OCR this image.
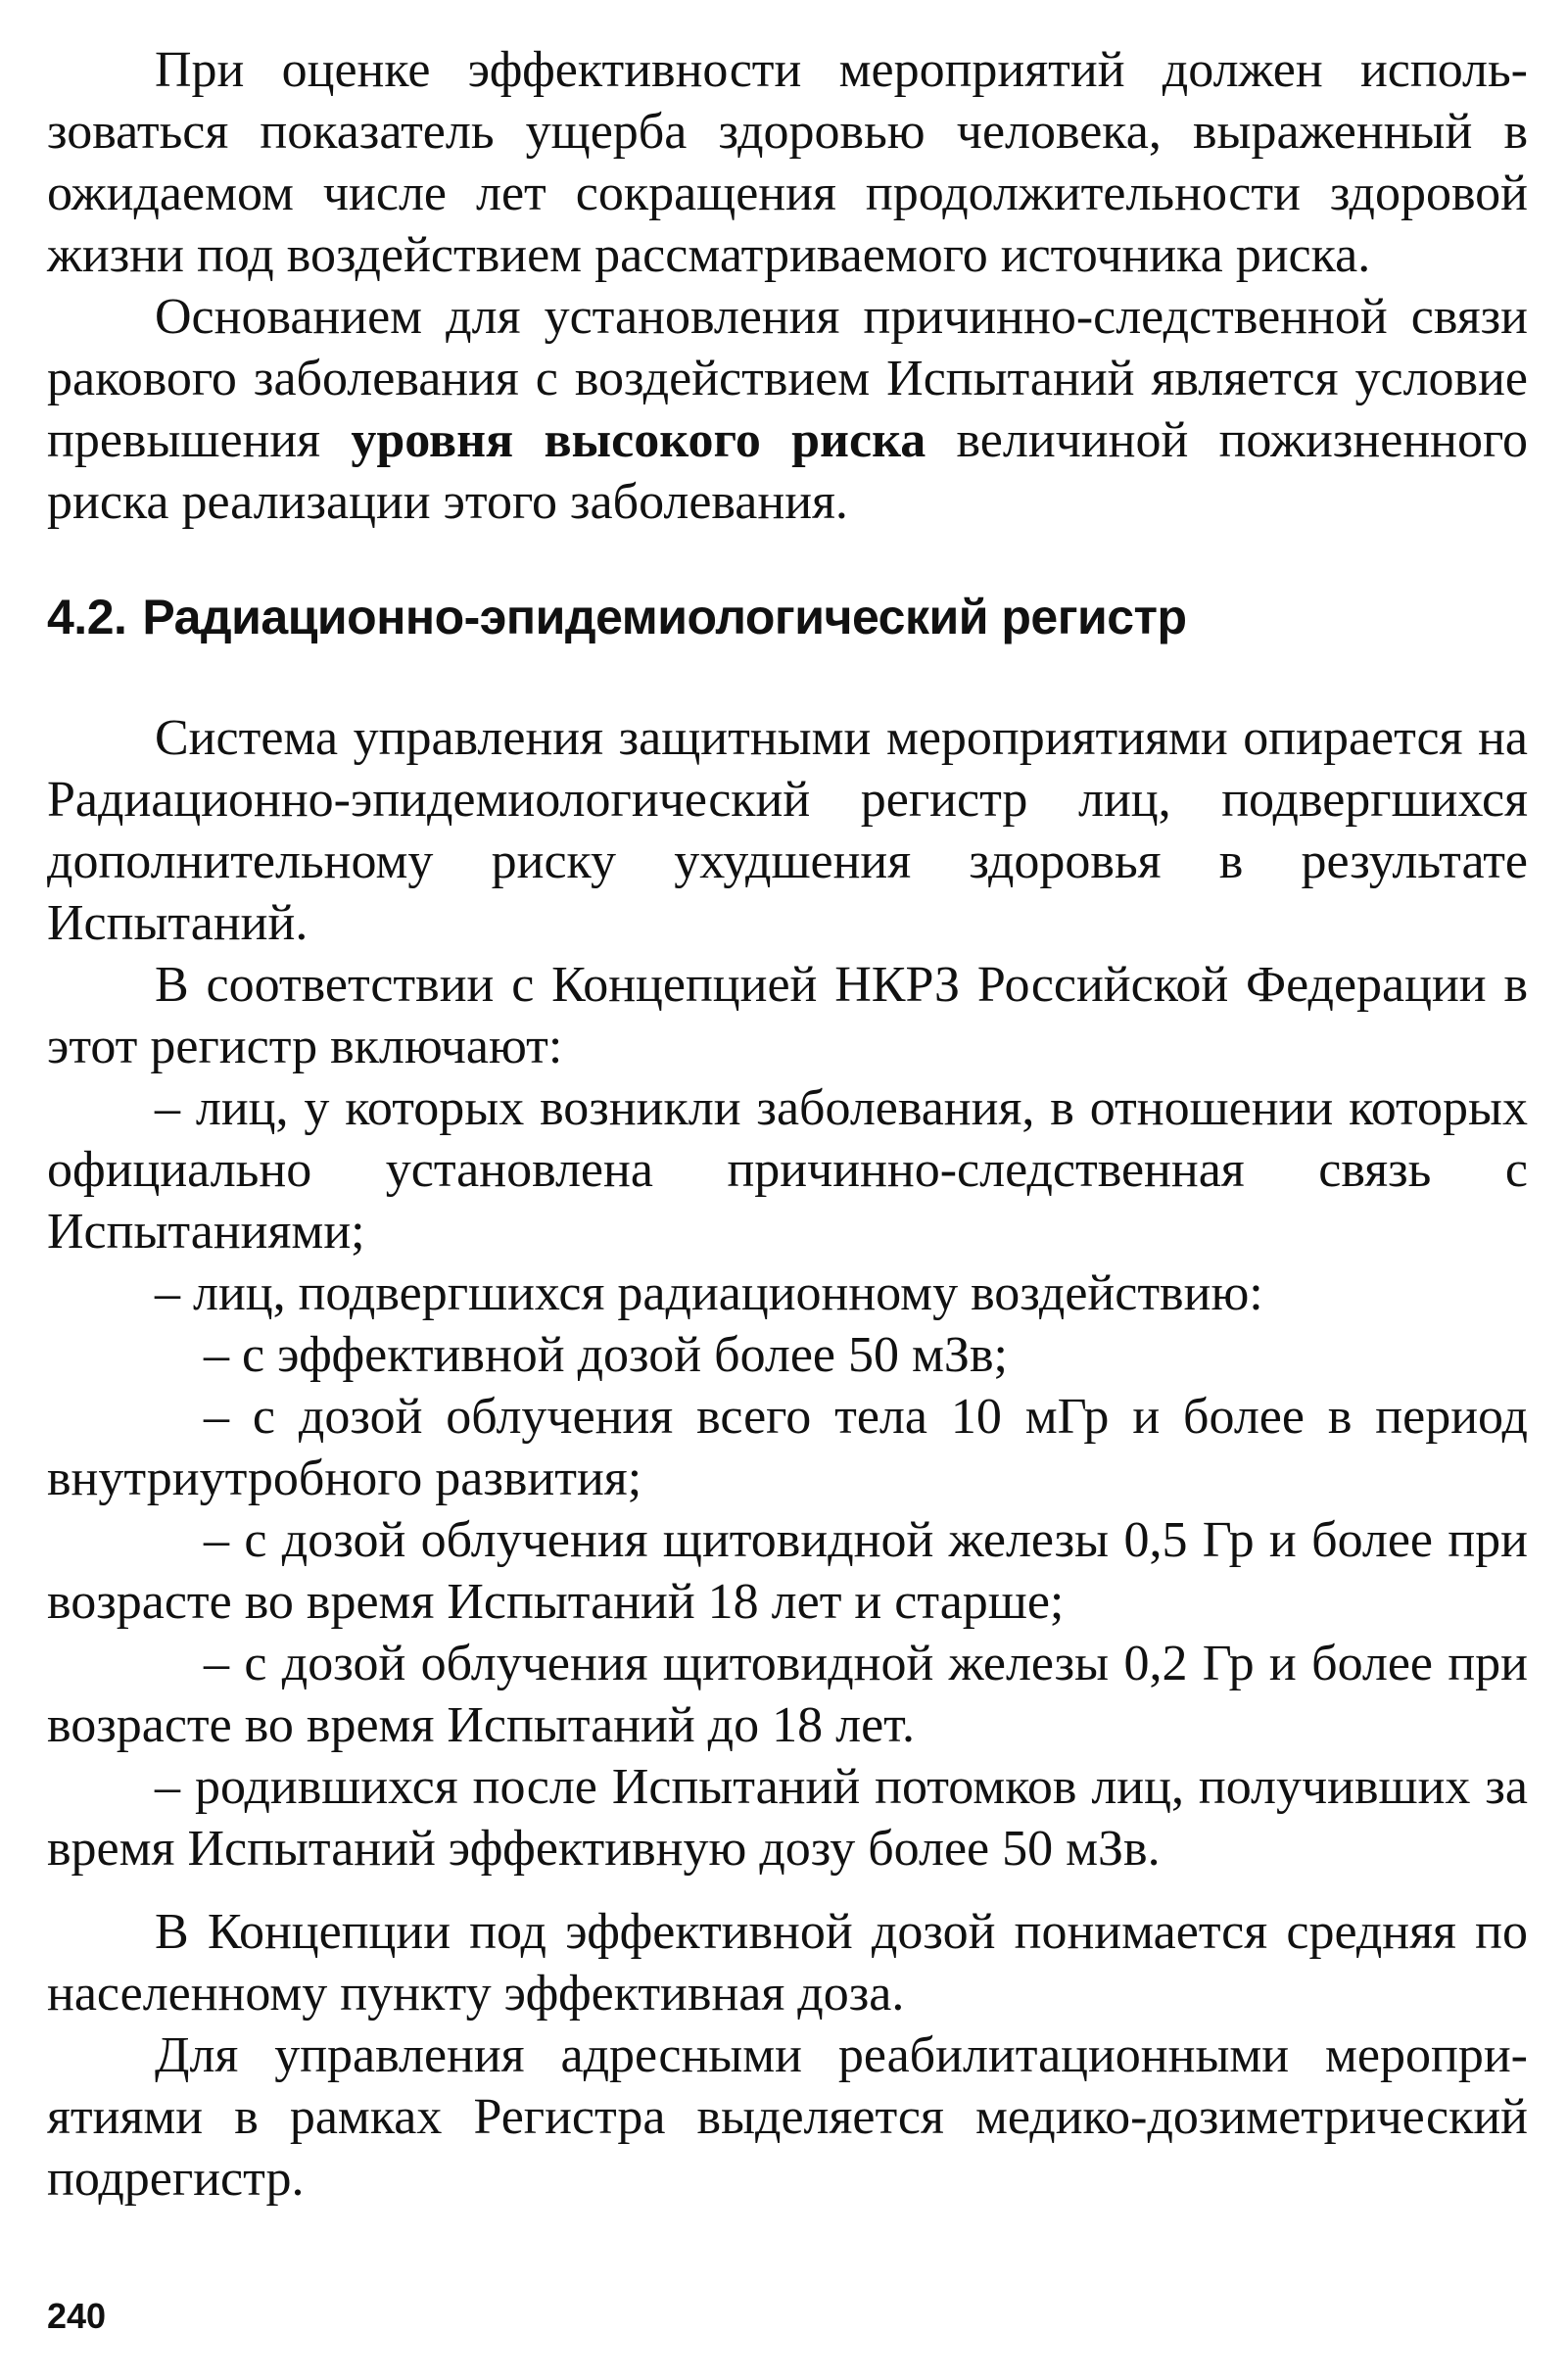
При оценке эффективности мероприятий должен использоваться показатель ущерба здоровью человека, выраженный в ожидаемом числе лет сокращения продолжительности здоровой жизни под воздействием рассматриваемого источника риска.

Основанием для установления причинно-следственной связи ракового заболевания с воздействием Испытаний является условие превышения уровня высокого риска величиной пожизненного риска реализации этого заболевания.

4.2. Радиационно-эпидемиологический регистр

Система управления защитными мероприятиями опирается на Радиационно-эпидемиологический регистр лиц, подвергшихся дополнительному риску ухудшения здоровья в результате Испытаний.

В соответствии с Концепцией НКРЗ Российской Федерации в этот регистр включают:

– лиц, у которых возникли заболевания, в отношении которых официально установлена причинно-следственная связь с Испытаниями;

– лиц, подвергшихся радиационному воздействию:

– с эффективной дозой более 50 мЗв;

– с дозой облучения всего тела 10 мГр и более в период внутриутробного развития;

– с дозой облучения щитовидной железы 0,5 Гр и более при возрасте во время Испытаний 18 лет и старше;

– с дозой облучения щитовидной железы 0,2 Гр и более при возрасте во время Испытаний до 18 лет.

– родившихся после Испытаний потомков лиц, получивших за время Испытаний эффективную дозу более 50 мЗв.

В Концепции под эффективной дозой понимается средняя по населенному пункту эффективная доза.

Для управления адресными реабилитационными мероприятиями в рамках Регистра выделяется медико-дозиметрический подрегистр.

240
